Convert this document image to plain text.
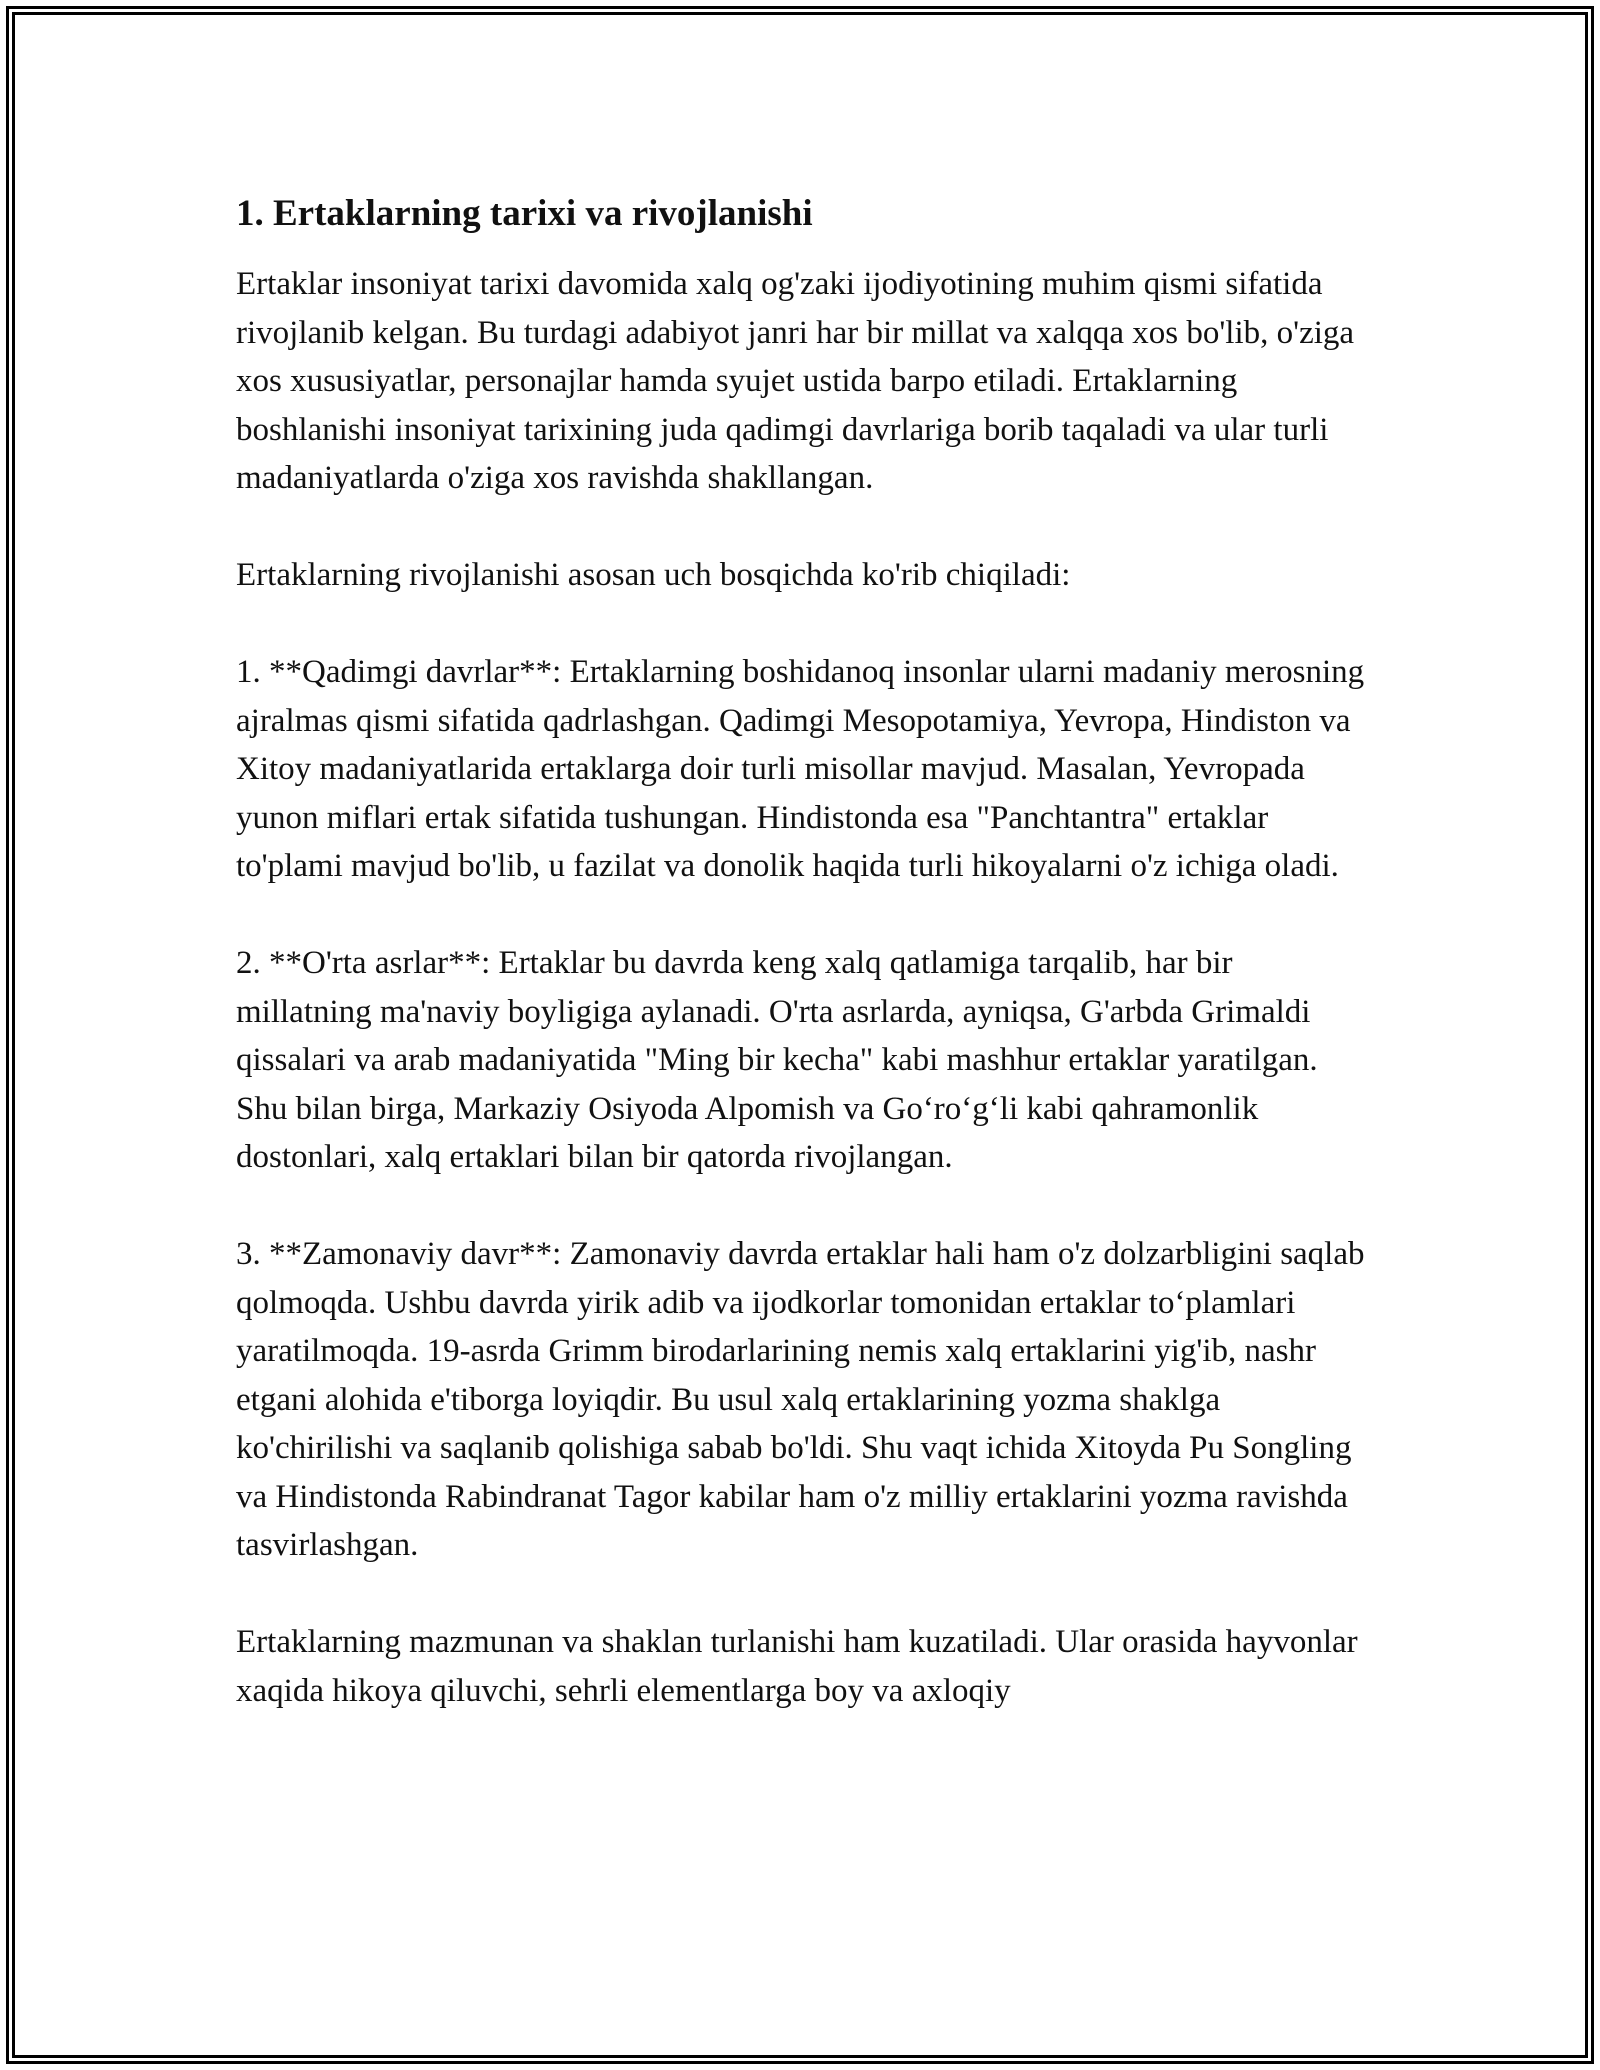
1. Ertaklarning tarixi va rivojlanishi

Ertaklar insoniyat tarixi davomida xalq og'zaki ijodiyotining muhim qismi sifatida rivojlanib kelgan. Bu turdagi adabiyot janri har bir millat va xalqqa xos bo'lib, o'ziga xos xususiyatlar, personajlar hamda syujet ustida barpo etiladi. Ertaklarning boshlanishi insoniyat tarixining juda qadimgi davrlariga borib taqaladi va ular turli madaniyatlarda o'ziga xos ravishda shakllangan.

Ertaklarning rivojlanishi asosan uch bosqichda ko'rib chiqiladi:

1. **Qadimgi davrlar**: Ertaklarning boshidanoq insonlar ularni madaniy merosning ajralmas qismi sifatida qadrlashgan. Qadimgi Mesopotamiya, Yevropa, Hindiston va Xitoy madaniyatlarida ertaklarga doir turli misollar mavjud. Masalan, Yevropada yunon miflari ertak sifatida tushungan. Hindistonda esa "Panchtantra" ertaklar to'plami mavjud bo'lib, u fazilat va donolik haqida turli hikoyalarni o'z ichiga oladi.

2. **O'rta asrlar**: Ertaklar bu davrda keng xalq qatlamiga tarqalib, har bir millatning ma'naviy boyligiga aylanadi. O'rta asrlarda, ayniqsa, G'arbda Grimaldi qissalari va arab madaniyatida "Ming bir kecha" kabi mashhur ertaklar yaratilgan. Shu bilan birga, Markaziy Osiyoda Alpomish va Go‘ro‘g‘li kabi qahramonlik dostonlari, xalq ertaklari bilan bir qatorda rivojlangan.

3. **Zamonaviy davr**: Zamonaviy davrda ertaklar hali ham o'z dolzarbligini saqlab qolmoqda. Ushbu davrda yirik adib va ijodkorlar tomonidan ertaklar to‘plamlari yaratilmoqda. 19-asrda Grimm birodarlarining nemis xalq ertaklarini yig'ib, nashr etgani alohida e'tiborga loyiqdir. Bu usul xalq ertaklarining yozma shaklga ko'chirilishi va saqlanib qolishiga sabab bo'ldi. Shu vaqt ichida Xitoyda Pu Songling va Hindistonda Rabindranat Tagor kabilar ham o'z milliy ertaklarini yozma ravishda tasvirlashgan.

Ertaklarning mazmunan va shaklan turlanishi ham kuzatiladi. Ular orasida hayvonlar xaqida hikoya qiluvchi, sehrli elementlarga boy va axloqiy
